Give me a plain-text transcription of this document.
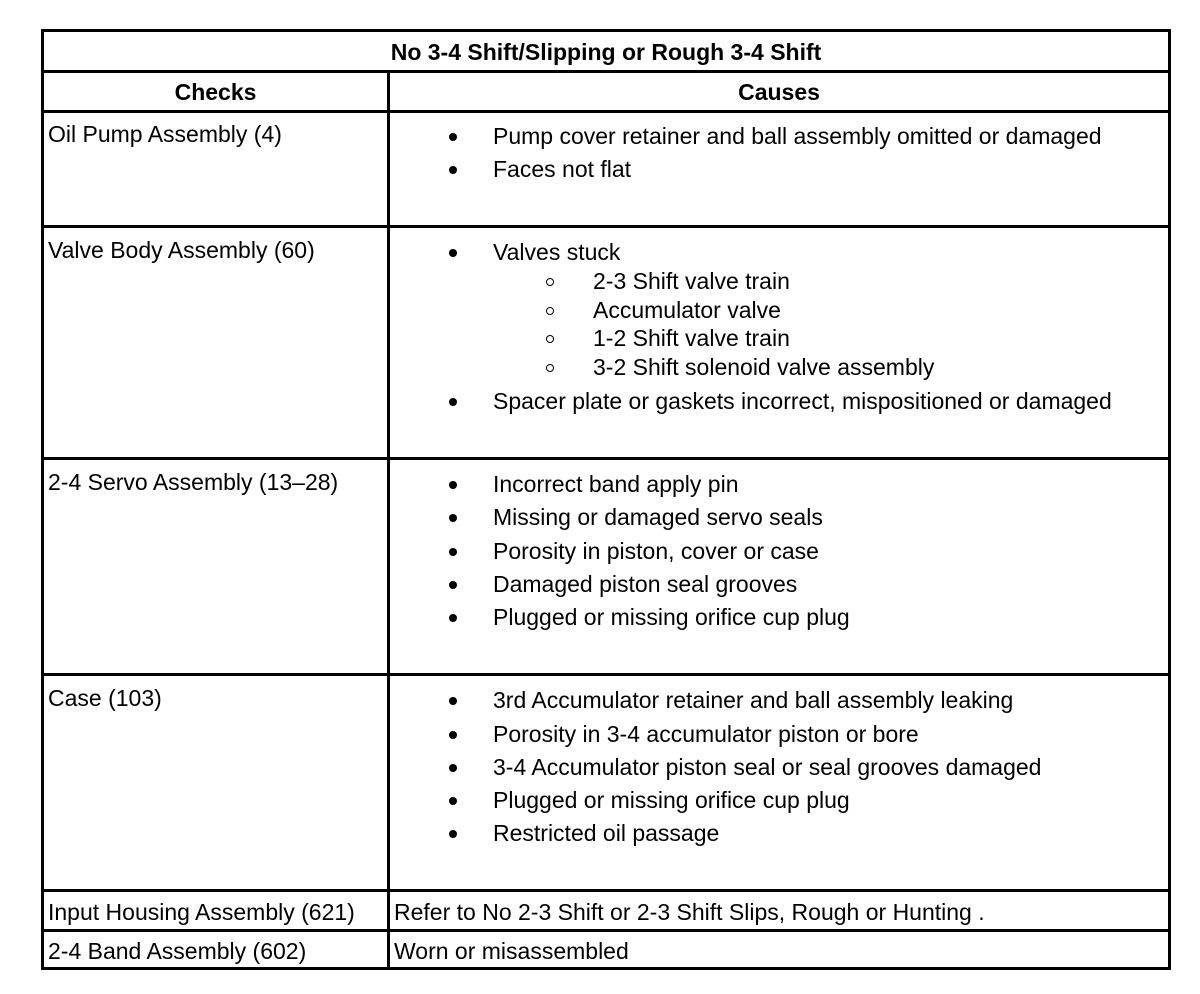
No 3-4 Shift/Slipping or Rough 3-4 Shift
Checks	Causes
Oil Pump Assembly (4)	Pump cover retainer and ball assembly omitted or damaged
Faces not flat
Valve Body Assembly (60)	Valves stuck
2-3 Shift valve train
Accumulator valve
1-2 Shift valve train
3-2 Shift solenoid valve assembly
Spacer plate or gaskets incorrect, mispositioned or damaged
2-4 Servo Assembly (13–28)	Incorrect band apply pin
Missing or damaged servo seals
Porosity in piston, cover or case
Damaged piston seal grooves
Plugged or missing orifice cup plug
Case (103)	3rd Accumulator retainer and ball assembly leaking
Porosity in 3-4 accumulator piston or bore
3-4 Accumulator piston seal or seal grooves damaged
Plugged or missing orifice cup plug
Restricted oil passage
Input Housing Assembly (621) Refer to No 2-3 Shift or 2-3 Shift Slips, Rough or Hunting .
2-4 Band Assembly (602)	Worn or misassembled
